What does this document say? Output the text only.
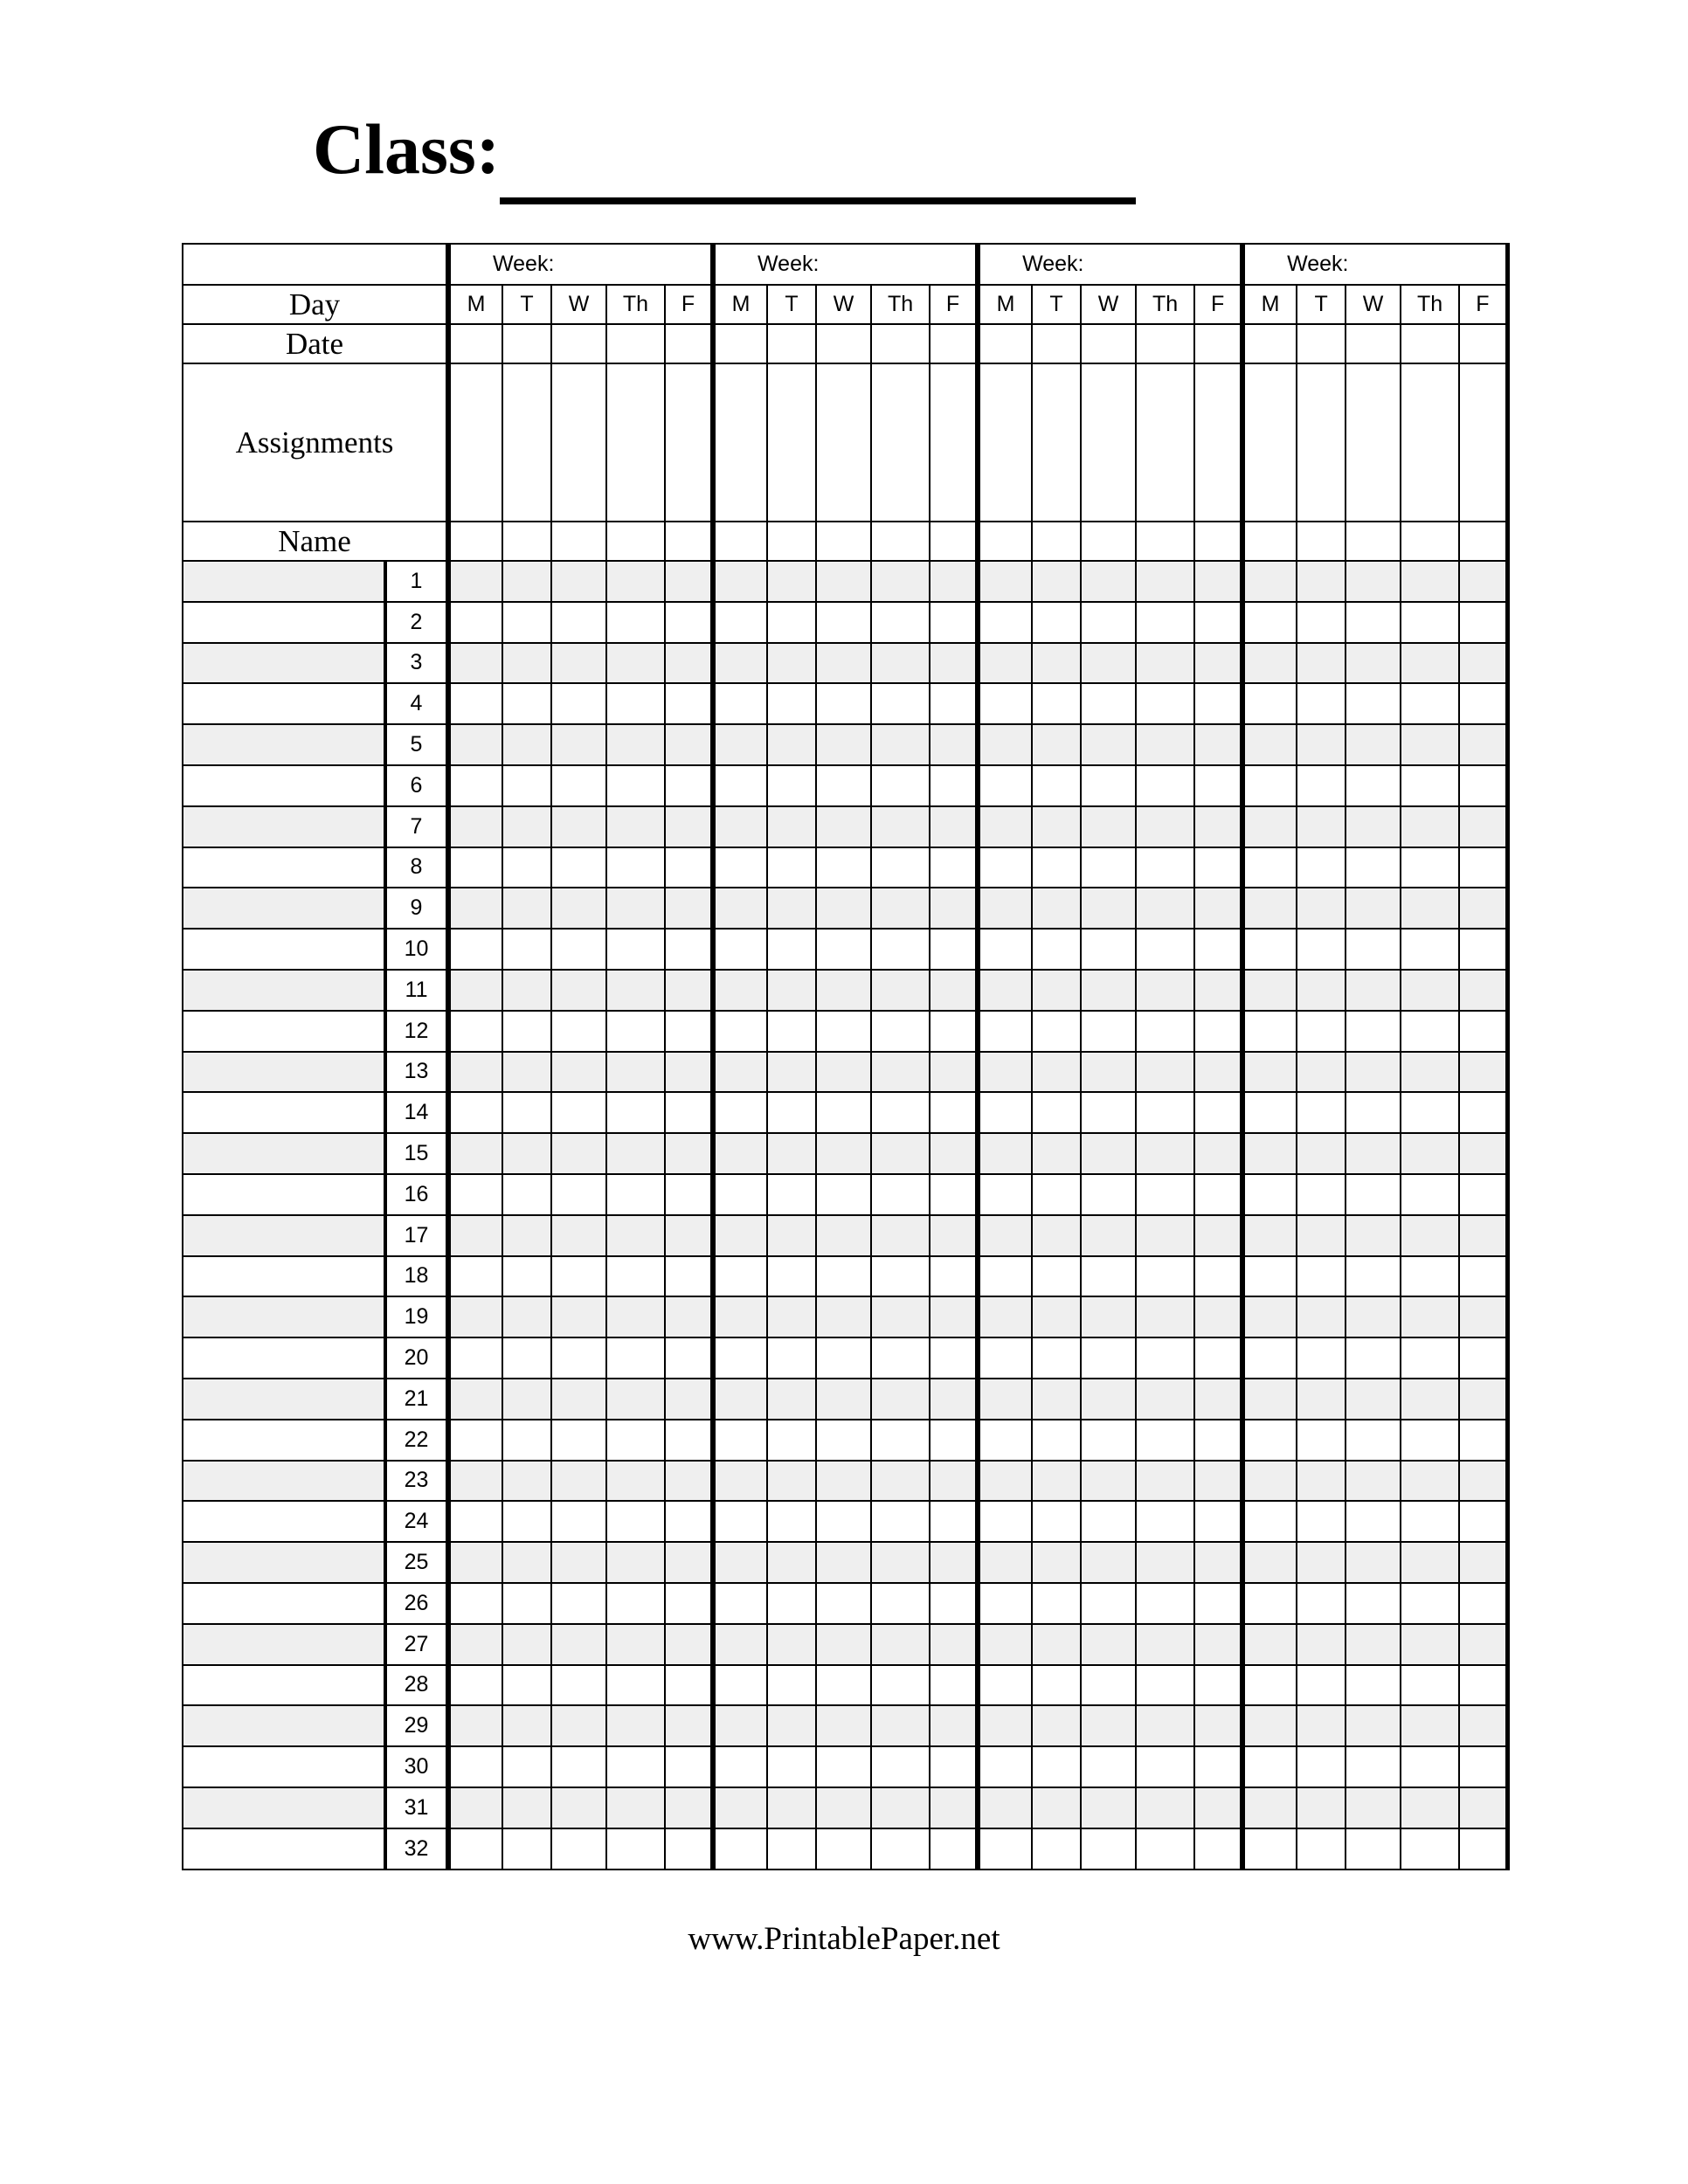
Class:
		Week:					Week:					Week:					Week:				
Day		M	T	W	Th	F	M	T	W	Th	F	M	T	W	Th	F	M	T	W	Th	F
Date																					
Assignments																					
Name																					
	1																				
	2																				
	3																				
	4																				
	5																				
	6																				
	7																				
	8																				
	9																				
	10																				
	11																				
	12																				
	13																				
	14																				
	15																				
	16																				
	17																				
	18																				
	19																				
	20																				
	21																				
	22																				
	23																				
	24																				
	25																				
	26																				
	27																				
	28																				
	29																				
	30																				
	31																				
	32																				
www.PrintablePaper.net
